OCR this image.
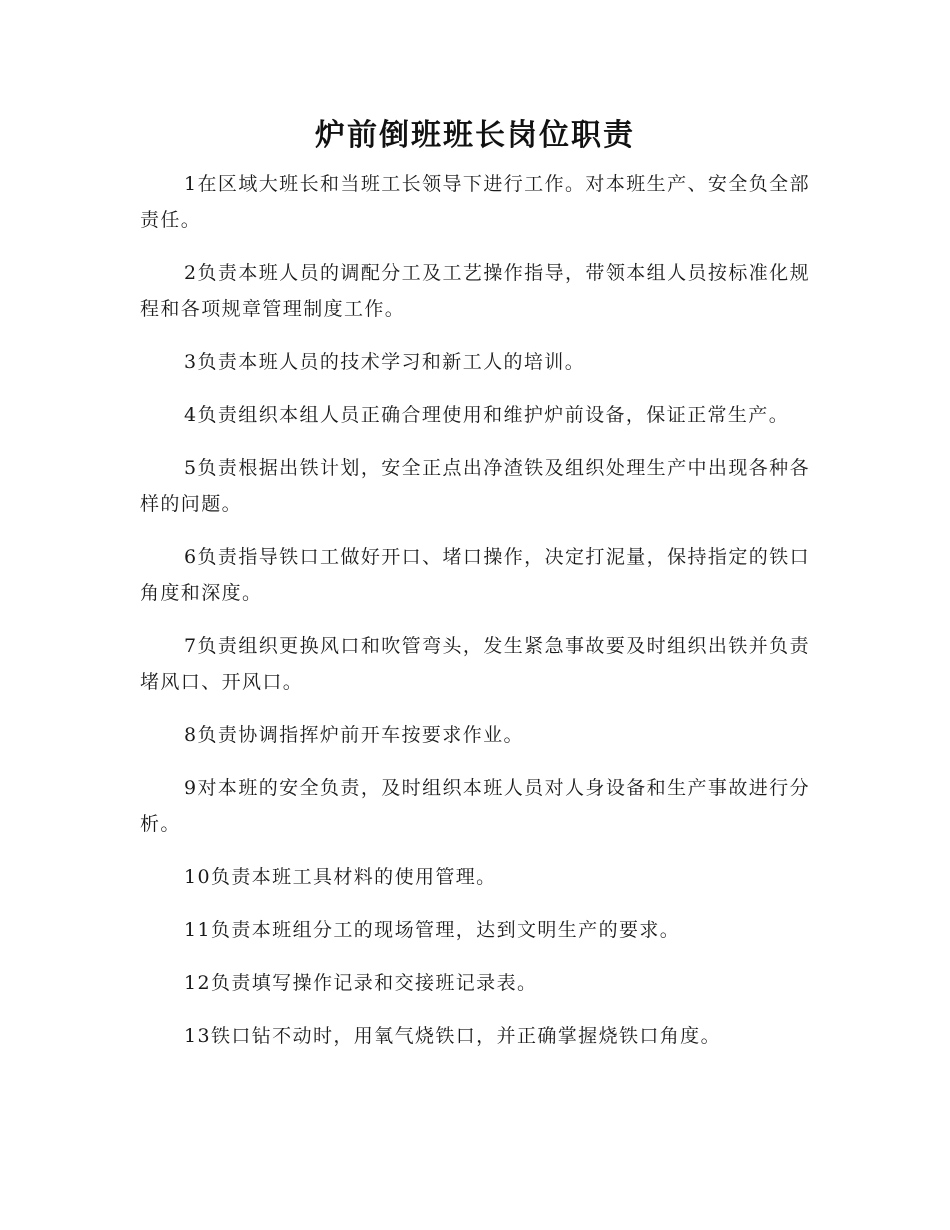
炉前倒班班长岗位职责

1在区域大班长和当班工长领导下进行工作。对本班生产、安全负全部责任。

2负责本班人员的调配分工及工艺操作指导，带领本组人员按标准化规程和各项规章管理制度工作。

3负责本班人员的技术学习和新工人的培训。

4负责组织本组人员正确合理使用和维护炉前设备，保证正常生产。

5负责根据出铁计划，安全正点出净渣铁及组织处理生产中出现各种各样的问题。

6负责指导铁口工做好开口、堵口操作，决定打泥量，保持指定的铁口角度和深度。

7负责组织更换风口和吹管弯头，发生紧急事故要及时组织出铁并负责堵风口、开风口。

8负责协调指挥炉前开车按要求作业。

9对本班的安全负责，及时组织本班人员对人身设备和生产事故进行分析。

10负责本班工具材料的使用管理。

11负责本班组分工的现场管理，达到文明生产的要求。

12负责填写操作记录和交接班记录表。

13铁口钻不动时，用氧气烧铁口，并正确掌握烧铁口角度。
